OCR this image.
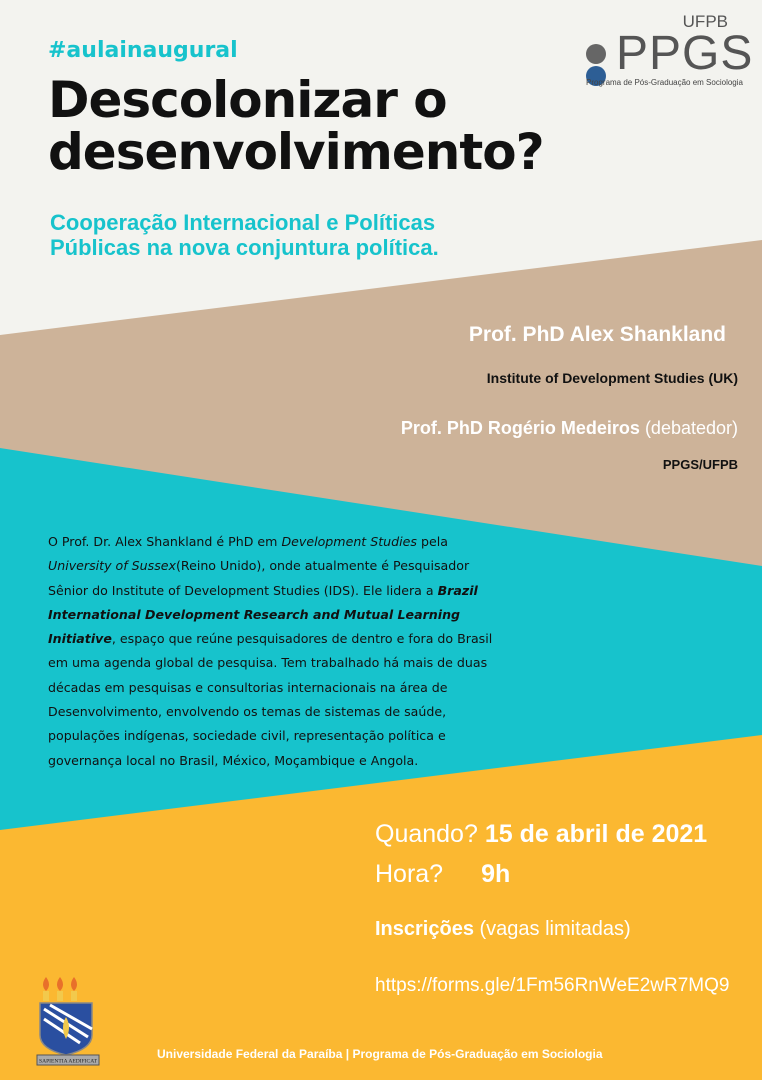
#aulainaugural
Descolonizar o
desenvolvimento?
Cooperação Internacional e Políticas
Públicas na nova conjuntura política.
UFPB
PPGS
Programa de Pós-Graduação em Sociologia
Prof. PhD Alex Shankland
Institute of Development Studies (UK)
Prof. PhD Rogério Medeiros (debatedor)
PPGS/UFPB
O Prof. Dr. Alex Shankland é PhD em Development Studies pela University of Sussex(Reino Unido), onde atualmente é Pesquisador Sênior do Institute of Development Studies (IDS). Ele lidera a Brazil International Development Research and Mutual Learning Initiative, espaço que reúne pesquisadores de dentro e fora do Brasil em uma agenda global de pesquisa. Tem trabalhado há mais de duas décadas em pesquisas e consultorias internacionais na área de Desenvolvimento, envolvendo os temas de sistemas de saúde, populações indígenas, sociedade civil, representação política e governança local no Brasil, México, Moçambique e Angola.
Quando? 15 de abril de 2021
Hora? 9h
Inscrições (vagas limitadas)
https://forms.gle/1Fm56RnWeE2wR7MQ9
SAPIENTIA AEDIFICAT
Universidade Federal da Paraíba | Programa de Pós-Graduação em Sociologia
